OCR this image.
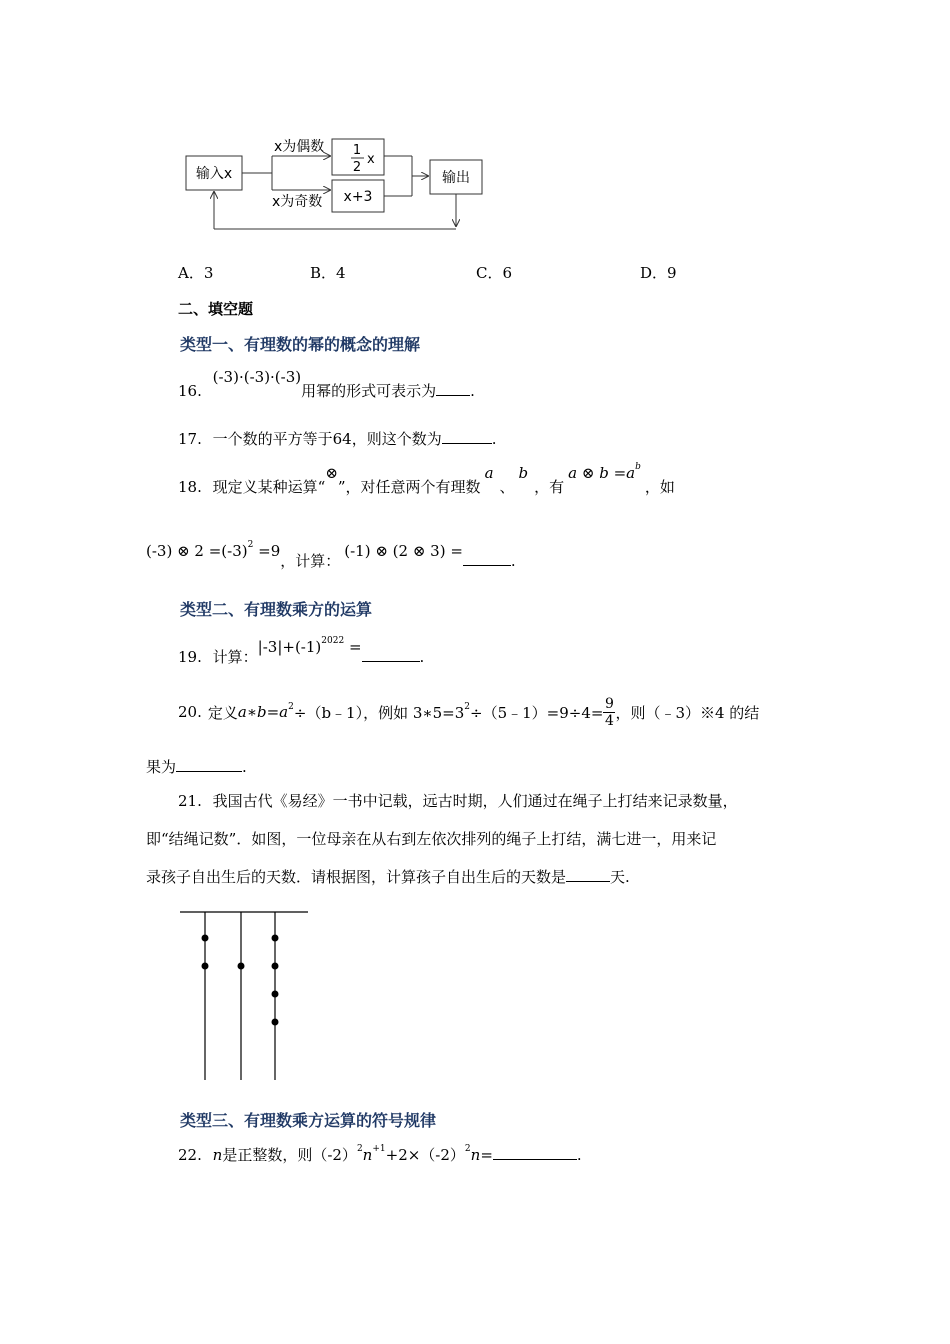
输入x
x为偶数
x为奇数
1
2
x
x+3
输出
A．3	B．4	C．6	D．9
二、填空题
类型一、有理数的幂的概念的理解
16. (-3)·(-3)·(-3)用幂的形式可表示为 .
17. 一个数的平方等于64，则这个数为	.
18. 现定义某种运算“⊗”，对任意两个有理数a、b，有a ⊗ $b =a^b$，如
(-3) ⊗ $2 =(-3)^2 =9$，计算：(-1) ⊗ (2 ⊗ 3) =.
类型二、有理数乘方的运算
19. 计算：$|-3|+(-1)^{2022}$ =.
20. 定义 a∗b=a 2 ÷（b﹣1），例如 3∗5=3 2 ÷（5﹣1）=9÷4= $\frac{9}{4}$ ，则（﹣3）※4 的结
果为	.
21. 我国古代《易经》一书中记载，远古时期，人们通过在绳子上打结来记录数量，
即“结绳记数”．如图，一位母亲在从右到左依次排列的绳子上打结，满七进一，用来记
录孩子自出生后的天数．请根据图，计算孩子自出生后的天数是	天.
类型三、有理数乘方运算的符号规律
22. n是正整数，则$(-2)^2n^{+1}+2\times(-2)^2n=$	.
